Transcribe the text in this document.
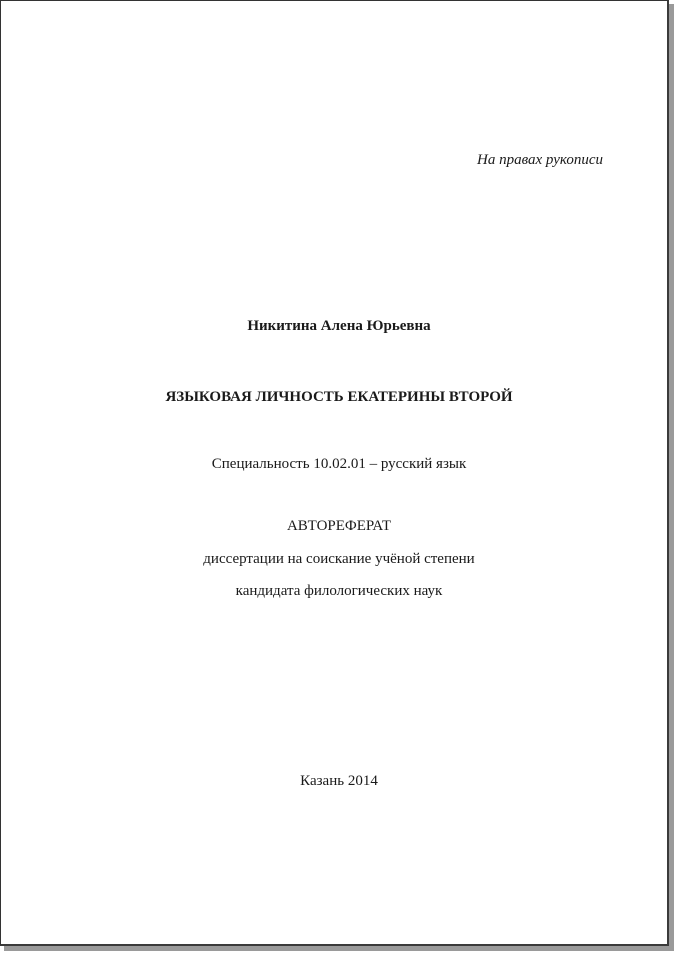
На правах рукописи
Никитина Алена Юрьевна
ЯЗЫКОВАЯ ЛИЧНОСТЬ ЕКАТЕРИНЫ ВТОРОЙ
Специальность 10.02.01 – русский язык
АВТОРЕФЕРАТ
диссертации на соискание учёной степени
кандидата филологических наук
Казань 2014
